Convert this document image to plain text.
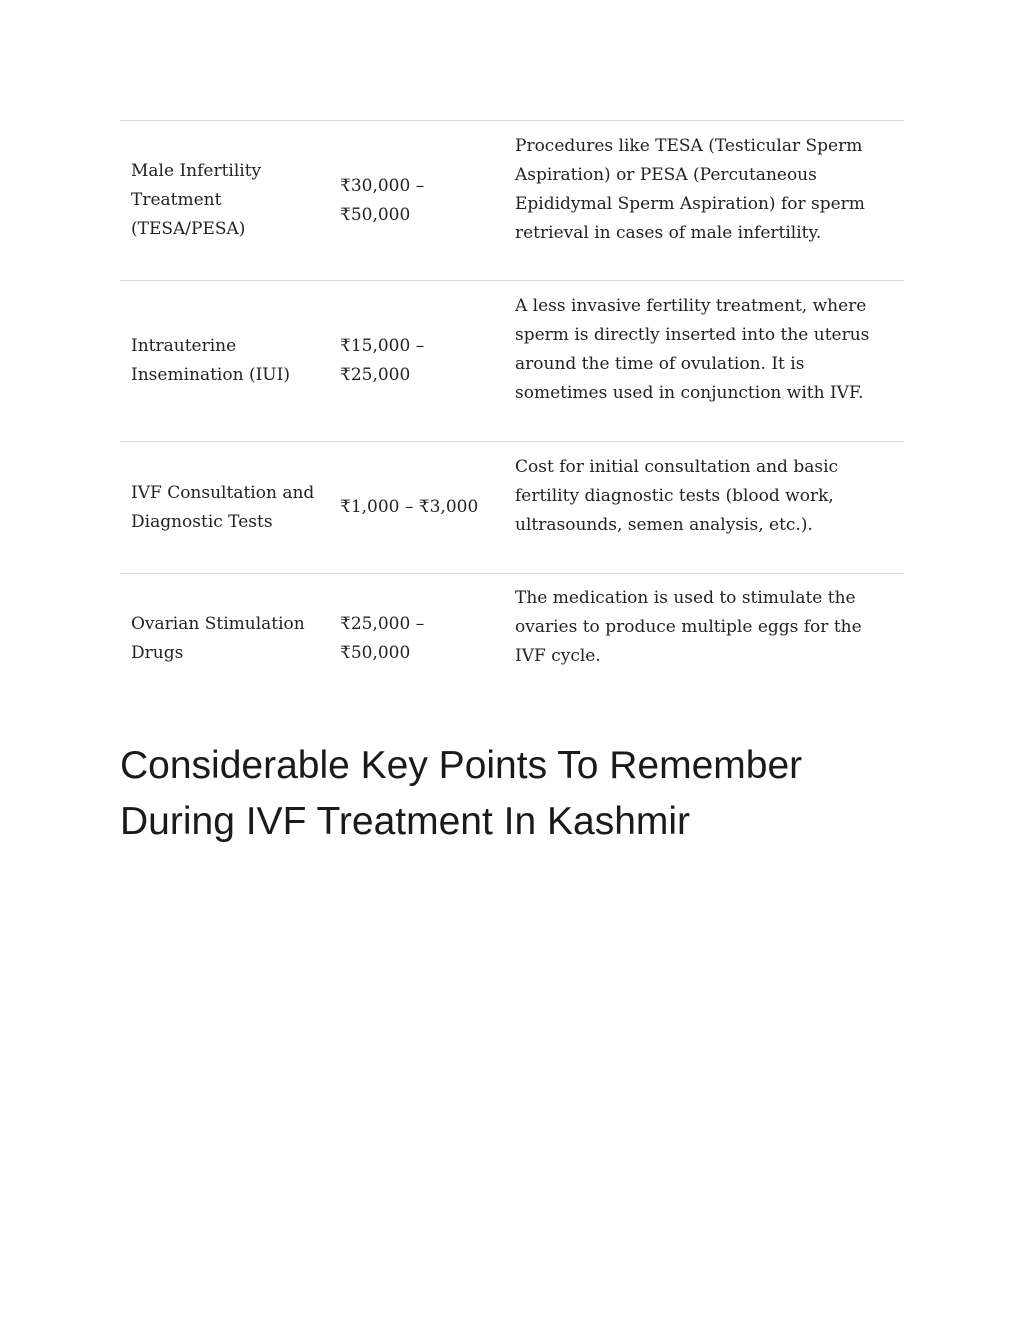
Male Infertility Treatment (TESA/PESA)	₹30,000 – ₹50,000	Procedures like TESA (Testicular Sperm Aspiration) or PESA (Percutaneous Epididymal Sperm Aspiration) for sperm retrieval in cases of male infertility.

Intrauterine Insemination (IUI)	₹15,000 – ₹25,000	A less invasive fertility treatment, where sperm is directly inserted into the uterus around the time of ovulation. It is sometimes used in conjunction with IVF.

IVF Consultation and Diagnostic Tests	₹1,000 – ₹3,000	Cost for initial consultation and basic fertility diagnostic tests (blood work, ultrasounds, semen analysis, etc.).

Ovarian Stimulation Drugs	₹25,000 – ₹50,000	The medication is used to stimulate the ovaries to produce multiple eggs for the IVF cycle.
Considerable Key Points To Remember During IVF Treatment In Kashmir
